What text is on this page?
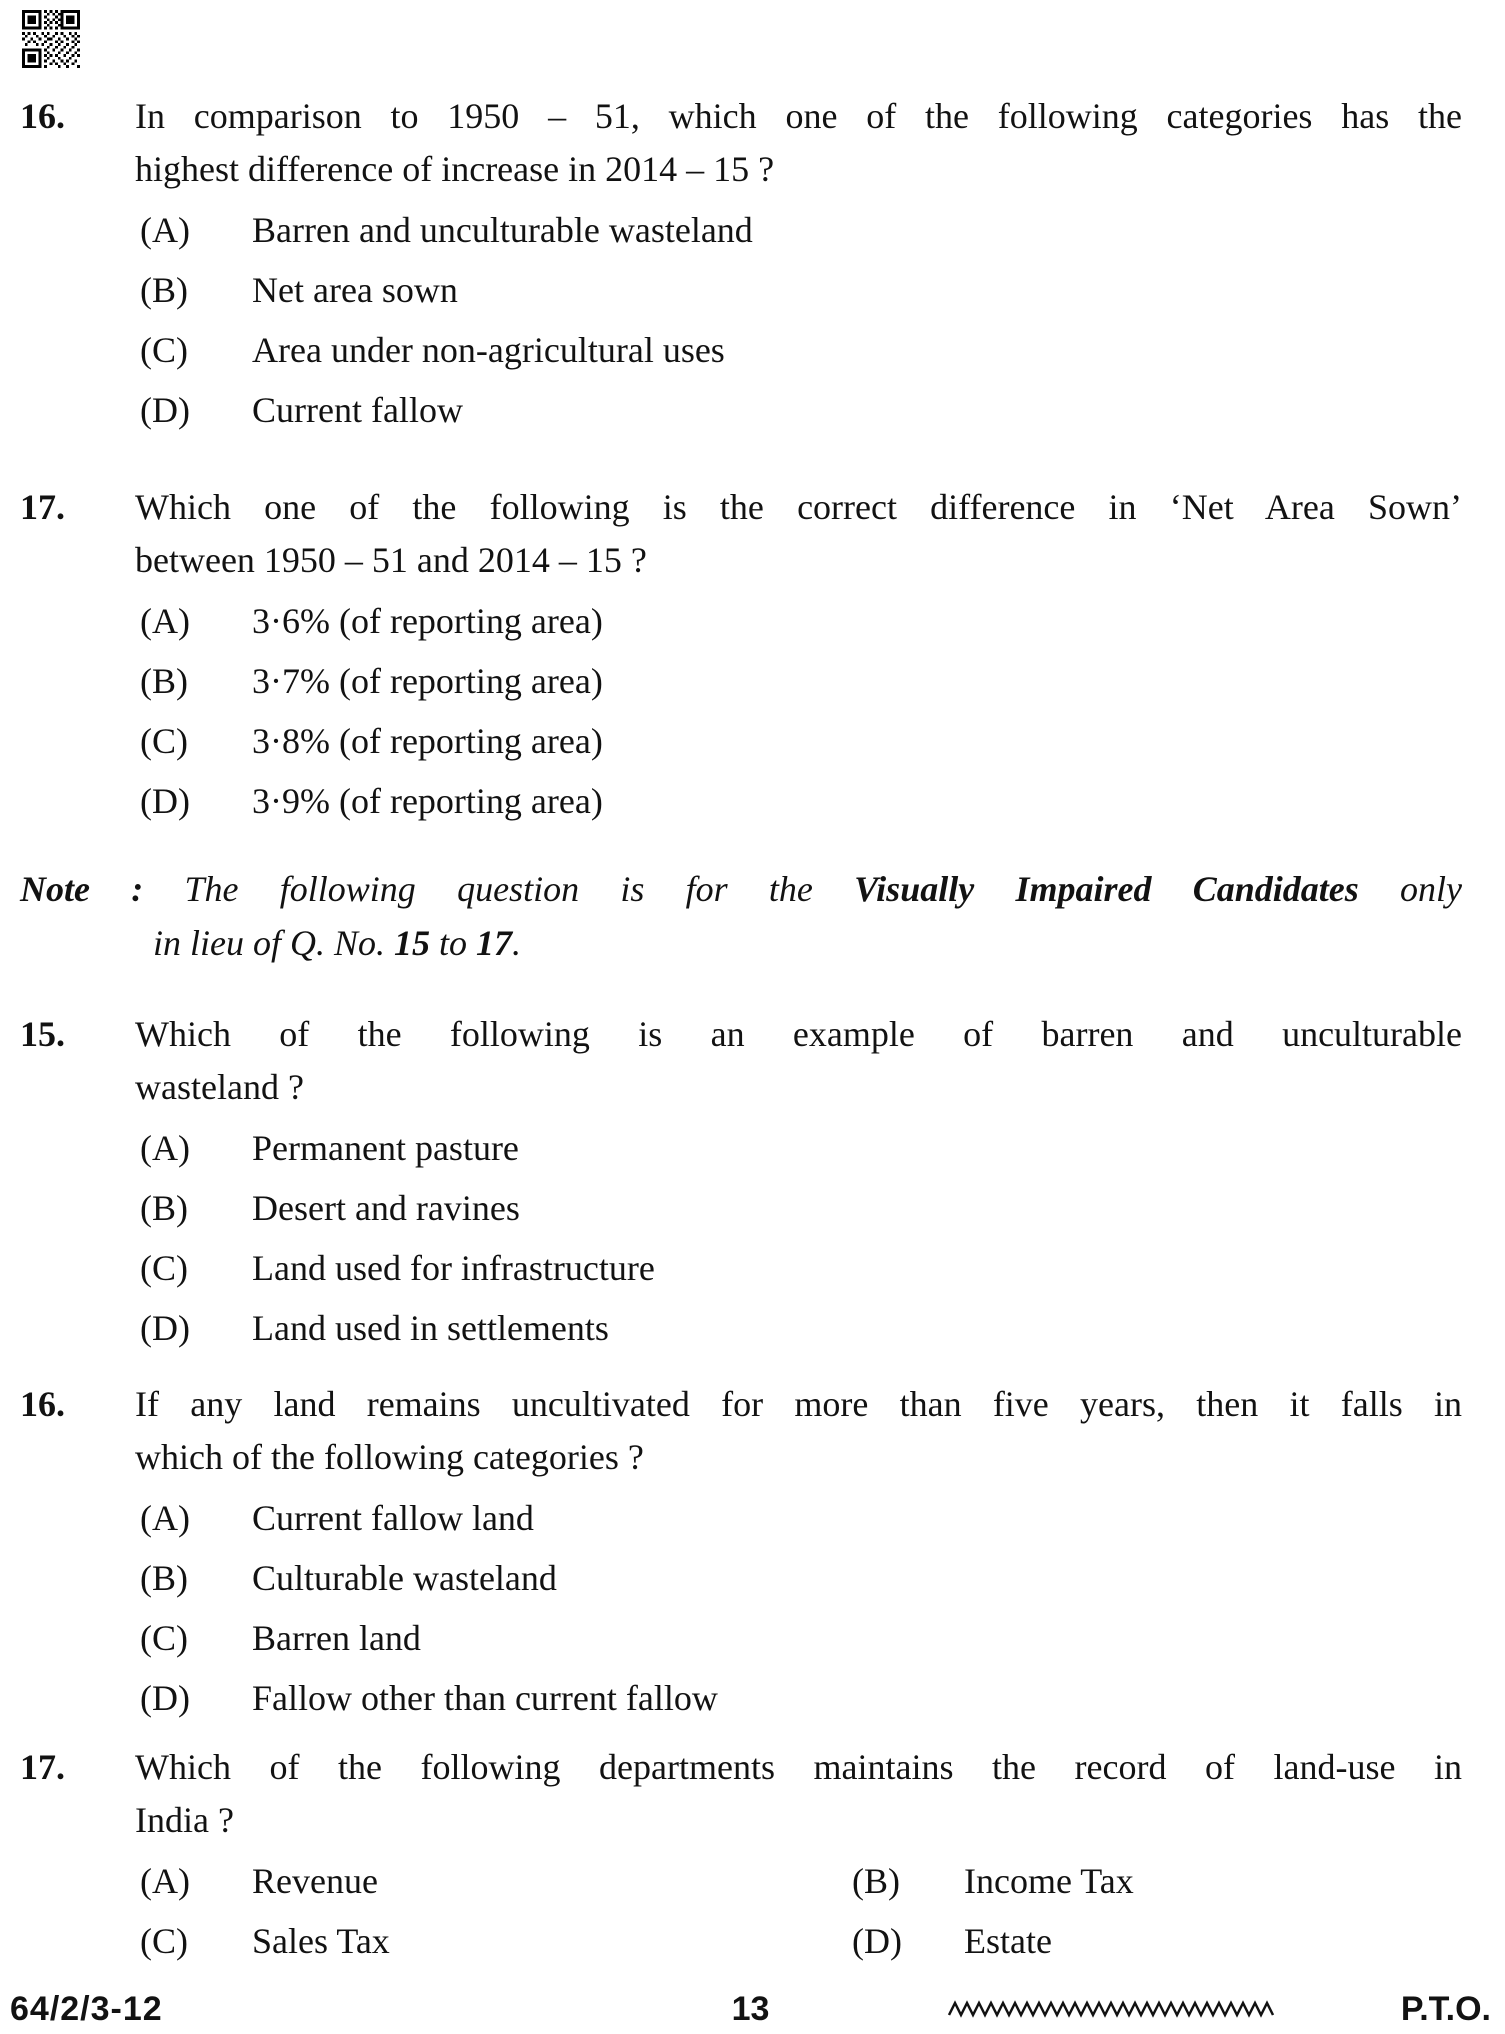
16.	In comparison to 1950 – 51, which one of the following categories has the
highest difference of increase in 2014 – 15 ?
(A)	Barren and unculturable wasteland
(B)	Net area sown
(C)	Area under non-agricultural uses
(D)	Current fallow
17.	Which one of the following is the correct difference in ‘Net Area Sown’
between 1950 – 51 and 2014 – 15 ?
(A)	3·6% (of reporting area)
(B)	3·7% (of reporting area)
(C)	3·8% (of reporting area)
(D)	3·9% (of reporting area)
Note : The following question is for the Visually Impaired Candidates only
in lieu of Q. No. 15 to 17.
15.	Which of the following is an example of barren and unculturable
wasteland ?
(A)	Permanent pasture
(B)	Desert and ravines
(C)	Land used for infrastructure
(D)	Land used in settlements
16.	If any land remains uncultivated for more than five years, then it falls in
which of the following categories ?
(A)	Current fallow land
(B)	Culturable wasteland
(C)	Barren land
(D)	Fallow other than current fallow
17.	Which of the following departments maintains the record of land-use in
India ?
(A)	Revenue	(B)	Income Tax
(C)	Sales Tax	(D)	Estate
64/2/3-12	13	P.T.O.
